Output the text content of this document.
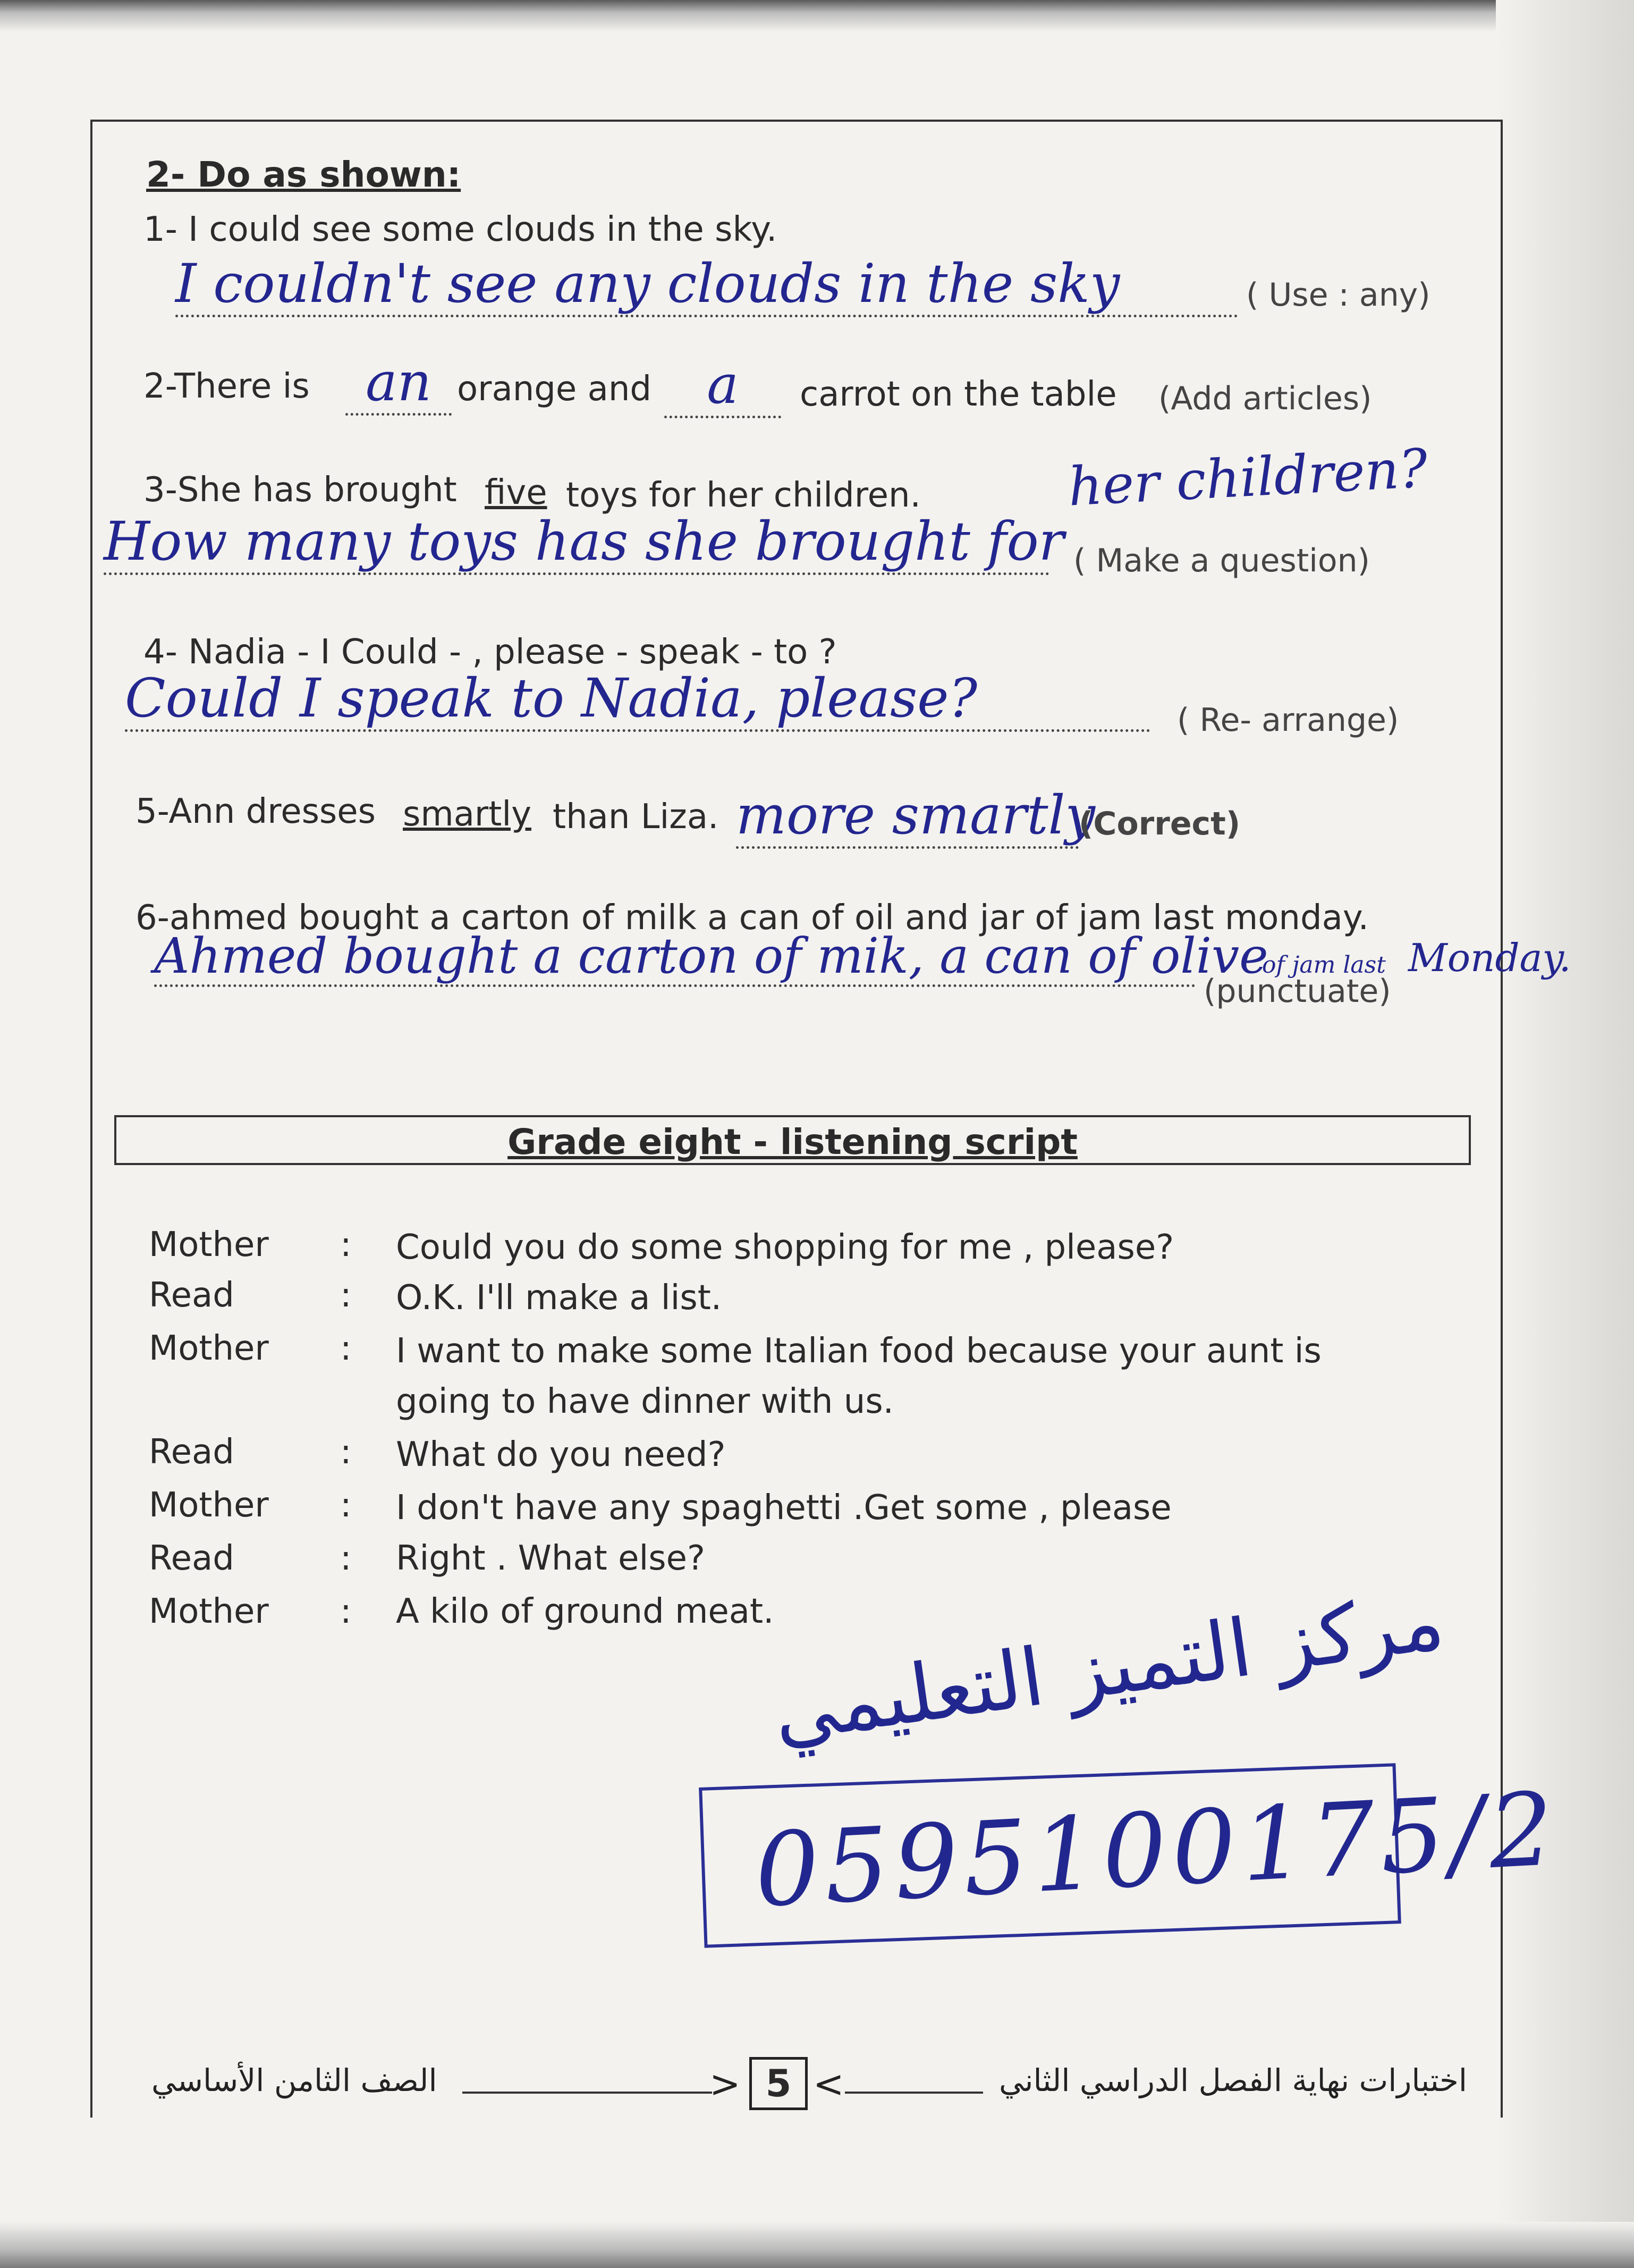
2- Do as shown:
1- I could see some clouds in the sky.
I couldn't see any clouds in the sky	( Use : any)
2-There is	an orange and	a	carrot on the table (Add articles)
3-She has brought five toys for her children.	her children?
How many toys has she brought for ( Make a question)
4- Nadia - I Could - , please - speak - to ?
Could I speak to Nadia, please?	( Re- arrange)
5-Ann dresses smartly than Liza. more smartly
(Correct)
6-ahmed bought a carton of milk a can of oil and jar of jam last monday.
Ahmed bought a carton of mik, a can of olive
of jam last Monday.
(punctuate)
Grade eight - listening script
Mother : Could you do some shopping for me , please?
Read	: O.K. I'll make a list.
Mother : I want to make some Italian food because your aunt is
going to have dinner with us.
Read	: What do you need?
Mother : I don't have any spaghetti .Get some , please
Read	: Right . What else?
Mother : A kilo of ground meat.
مركز التميز التعليمي
0595100175/2
الصف الثامن الأساسي	> 5 <	اختبارات نهاية الفصل الدراسي الثاني
